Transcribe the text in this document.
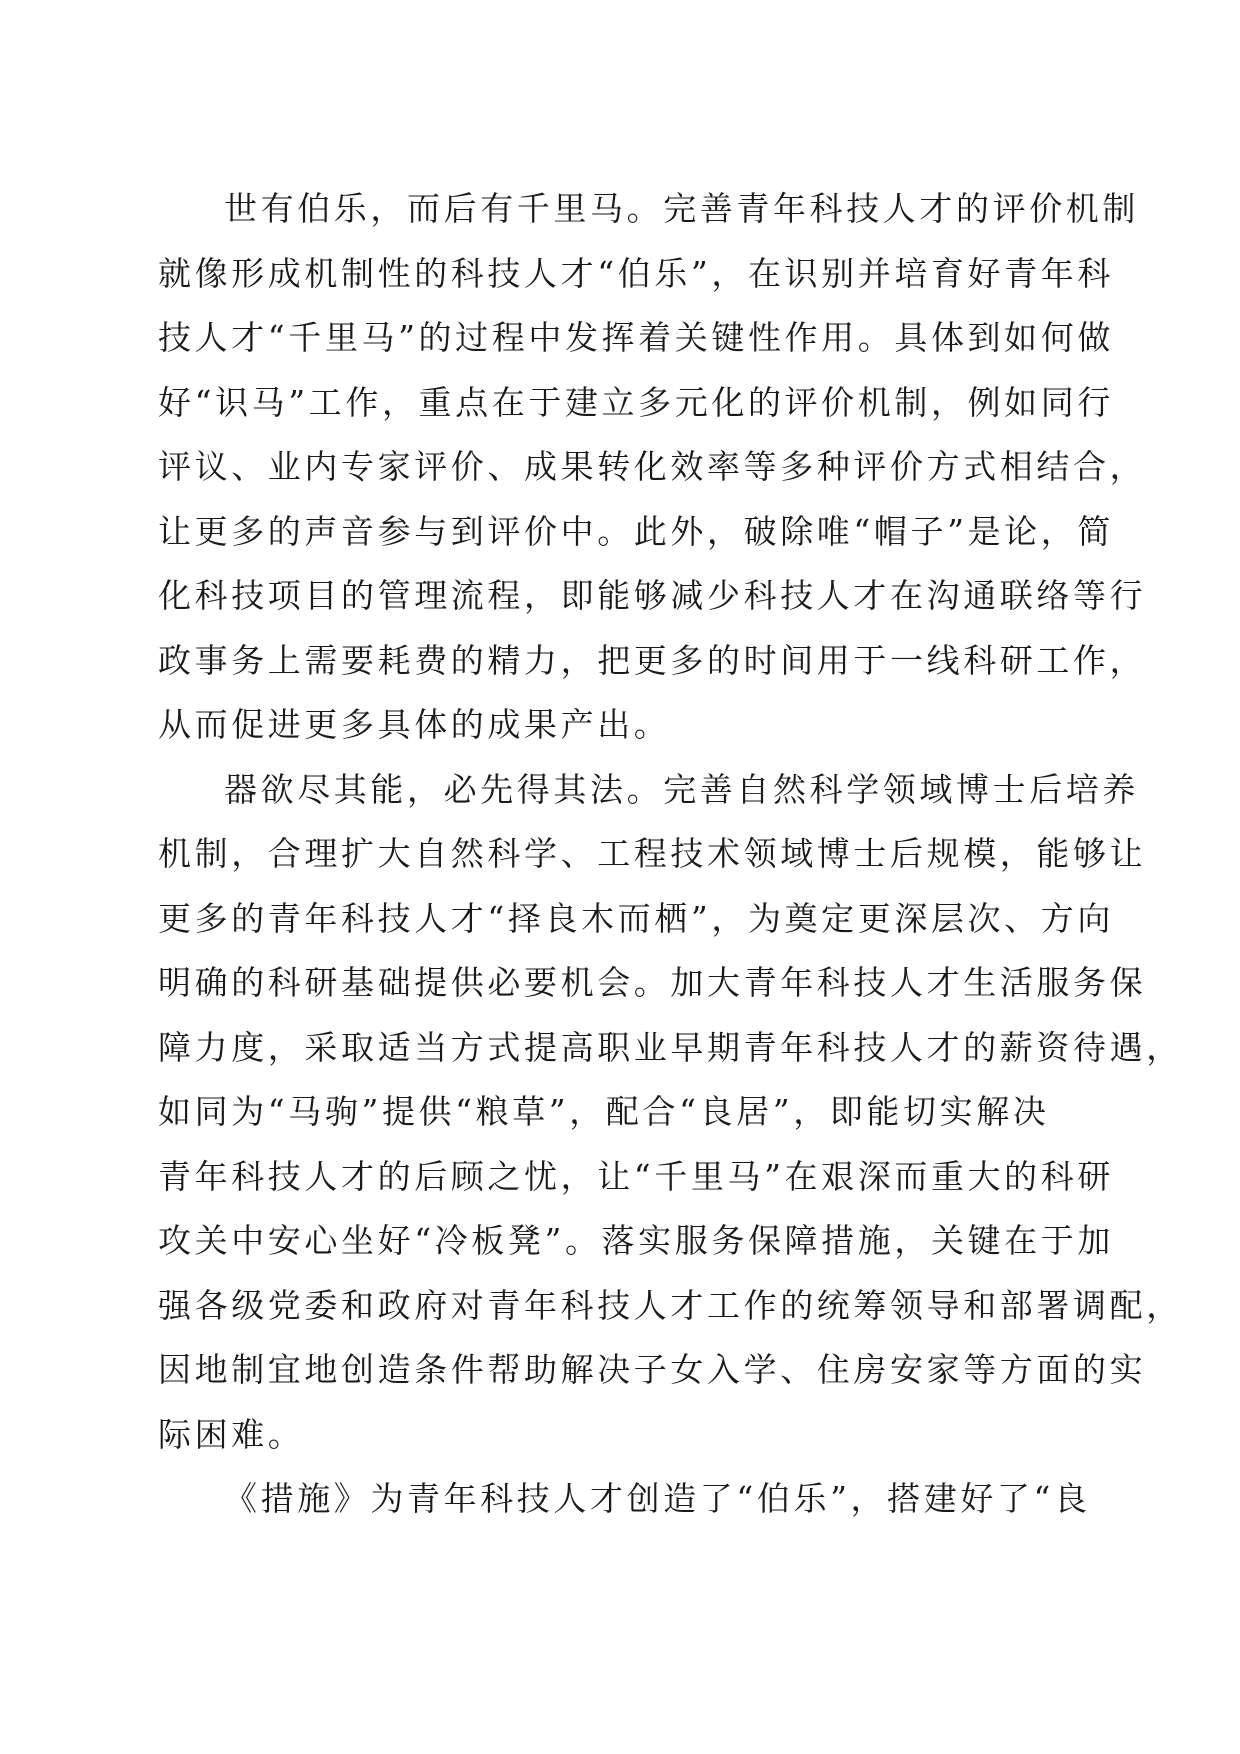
世有伯乐，而后有千里马。完善青年科技人才的评价机制
就像形成机制性的科技人才“伯乐”，在识别并培育好青年科
技人才“千里马”的过程中发挥着关键性作用。具体到如何做
好“识马”工作，重点在于建立多元化的评价机制，例如同行
评议、业内专家评价、成果转化效率等多种评价方式相结合，
让更多的声音参与到评价中。此外，破除唯“帽子”是论，简
化科技项目的管理流程，即能够减少科技人才在沟通联络等行
政事务上需要耗费的精力，把更多的时间用于一线科研工作，
从而促进更多具体的成果产出。
器欲尽其能，必先得其法。完善自然科学领域博士后培养
机制，合理扩大自然科学、工程技术领域博士后规模，能够让
更多的青年科技人才“择良木而栖”，为奠定更深层次、方向
明确的科研基础提供必要机会。加大青年科技人才生活服务保
障力度，采取适当方式提高职业早期青年科技人才的薪资待遇，
如同为“马驹”提供“粮草”，配合“良居”，即能切实解决
青年科技人才的后顾之忧，让“千里马”在艰深而重大的科研
攻关中安心坐好“冷板凳”。落实服务保障措施，关键在于加
强各级党委和政府对青年科技人才工作的统筹领导和部署调配，
因地制宜地创造条件帮助解决子女入学、住房安家等方面的实
际困难。
《措施》为青年科技人才创造了“伯乐”，搭建好了“良
